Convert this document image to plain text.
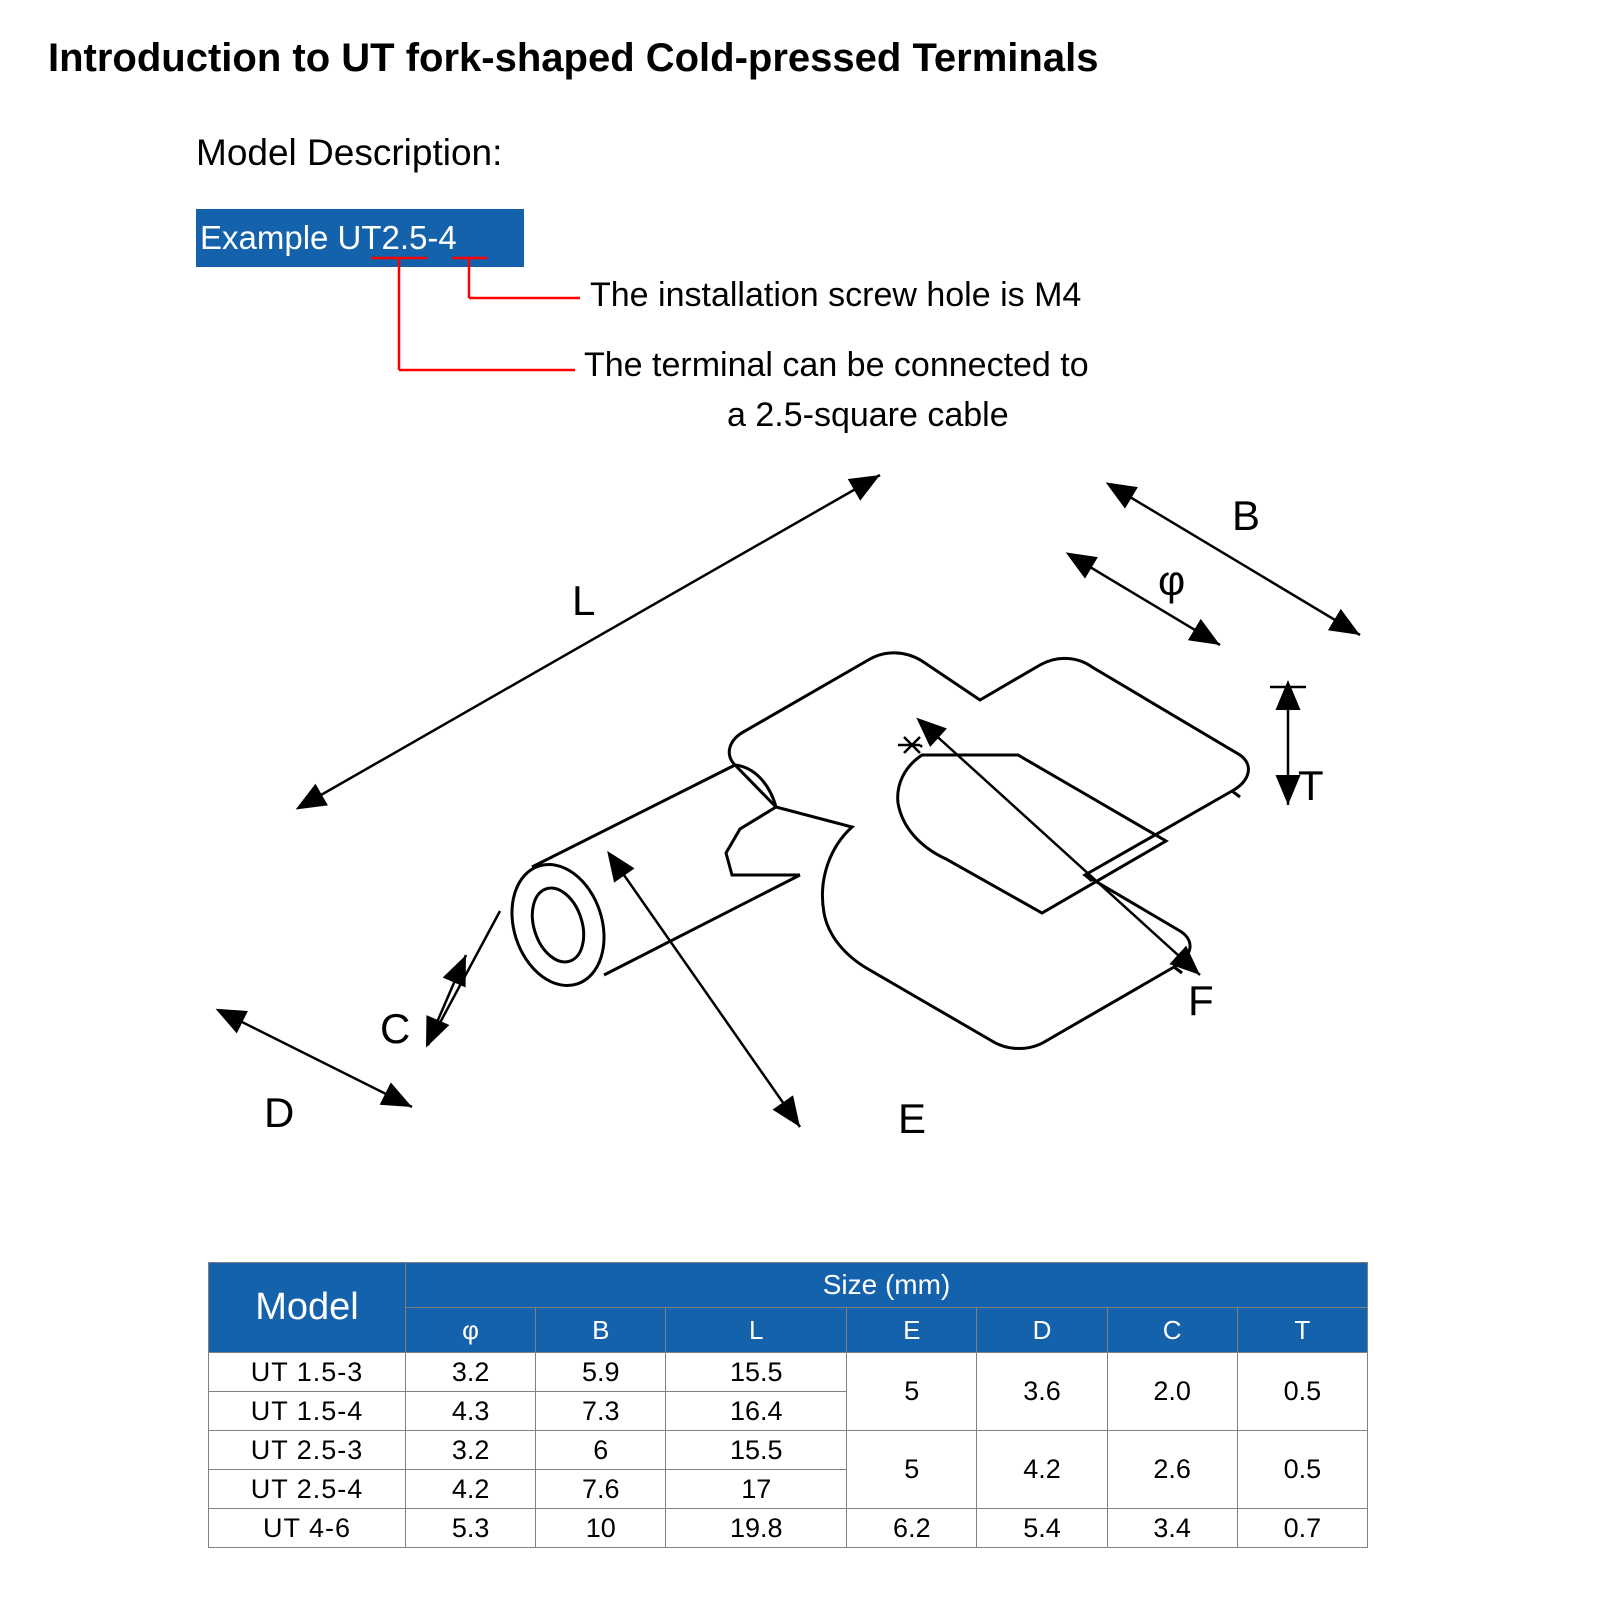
Introduction to UT fork-shaped Cold-pressed Terminals
Model Description:
Example UT2.5-4
The installation screw hole is M4
The terminal can be connected to
a 2.5-square cable
L
B
φ
T
F
E
D
C
Model	Size (mm)						
	φ	B	L	E	D	C	T
UT 1.5-3	3.2	5.9	15.5	5	3.6	2.0	0.5
UT 1.5-4	4.3	7.3	16.4				
UT 2.5-3	3.2	6	15.5	5	4.2	2.6	0.5
UT 2.5-4	4.2	7.6	17				
UT 4-6	5.3	10	19.8	6.2	5.4	3.4	0.7
